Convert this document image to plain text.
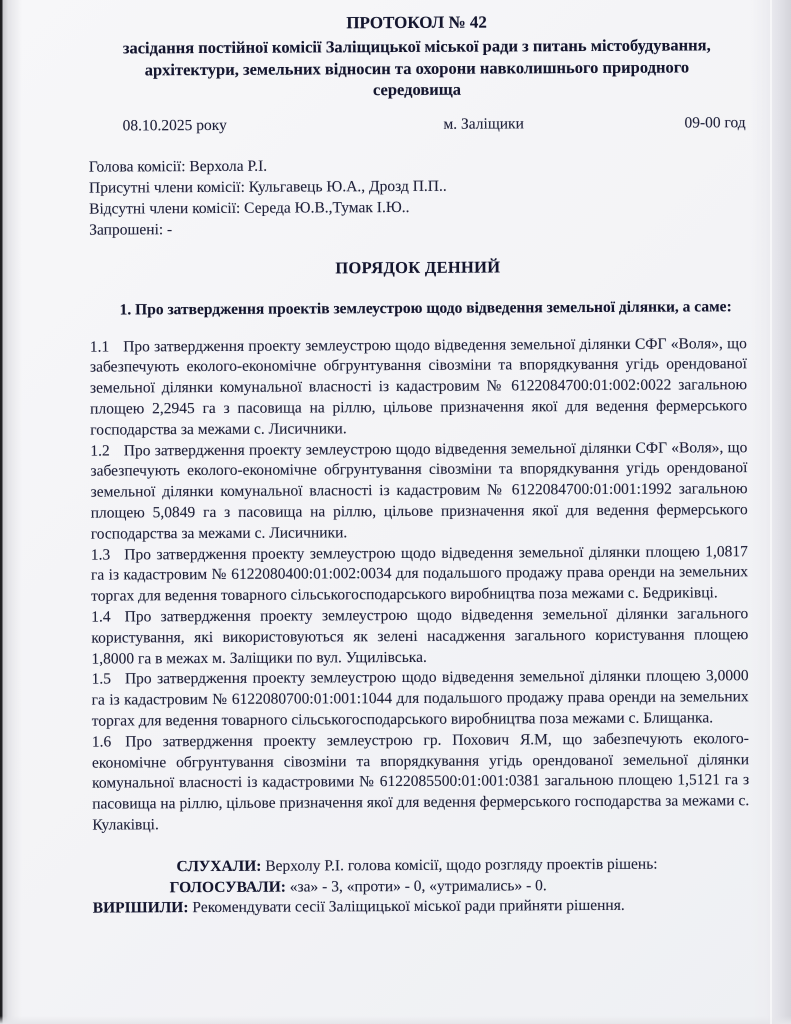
ПРОТОКОЛ № 42
засідання постійної комісії Заліщицької міської ради з питань містобудування, архітектури, земельних відносин та охорони навколишнього природного середовища
08.10.2025 року	м. Заліщики	09-00 год

Голова комісії: Верхола Р.І.

Присутні члени комісії: Кульгавець Ю.А., Дрозд П.П..

Відсутні члени комісії: Середа Ю.В.,Тумак І.Ю..

Запрошені: -

ПОРЯДОК ДЕННИЙ

1. Про затвердження проектів землеустрою щодо відведення земельної ділянки, а саме:

1.1 Про затвердження проекту землеустрою щодо відведення земельної ділянки СФГ «Воля», що забезпечують еколого-економічне обгрунтування сівозміни та впорядкування угідь орендованої земельної ділянки комунальної власності із кадастровим № 6122084700:01:002:0022 загальною площею 2,2945 га з пасовища на ріллю, цільове призначення якої для ведення фермерського господарства за межами с. Лисичники.

1.2 Про затвердження проекту землеустрою щодо відведення земельної ділянки СФГ «Воля», що забезпечують еколого-економічне обгрунтування сівозміни та впорядкування угідь орендованої земельної ділянки комунальної власності із кадастровим № 6122084700:01:001:1992 загальною площею 5,0849 га з пасовища на ріллю, цільове призначення якої для ведення фермерського господарства за межами с. Лисичники.

1.3 Про затвердження проекту землеустрою щодо відведення земельної ділянки площею 1,0817 га із кадастровим № 6122080400:01:002:0034 для подальшого продажу права оренди на земельних торгах для ведення товарного сільськогосподарського виробництва поза межами с. Бедриківці.

1.4 Про затвердження проекту землеустрою щодо відведення земельної ділянки загального користування, які використовуються як зелені насадження загального користування площею 1,8000 га в межах м. Заліщики по вул. Ущилівська.

1.5 Про затвердження проекту землеустрою щодо відведення земельної ділянки площею 3,0000 га із кадастровим № 6122080700:01:001:1044 для подальшого продажу права оренди на земельних торгах для ведення товарного сільськогосподарського виробництва поза межами с. Блищанка.

1.6 Про затвердження проекту землеустрою гр. Похович Я.М, що забезпечують еколого-економічне обгрунтування сівозміни та впорядкування угідь орендованої земельної ділянки комунальної власності із кадастровими № 6122085500:01:001:0381 загальною площею 1,5121 га з пасовища на ріллю, цільове призначення якої для ведення фермерського господарства за межами с. Кулаківці.

СЛУХАЛИ: Верхолу Р.І. голова комісії, щодо розгляду проектів рішень:

ГОЛОСУВАЛИ: «за» - 3, «проти» - 0, «утримались» - 0.

ВИРІШИЛИ: Рекомендувати сесії Заліщицької міської ради прийняти рішення.
